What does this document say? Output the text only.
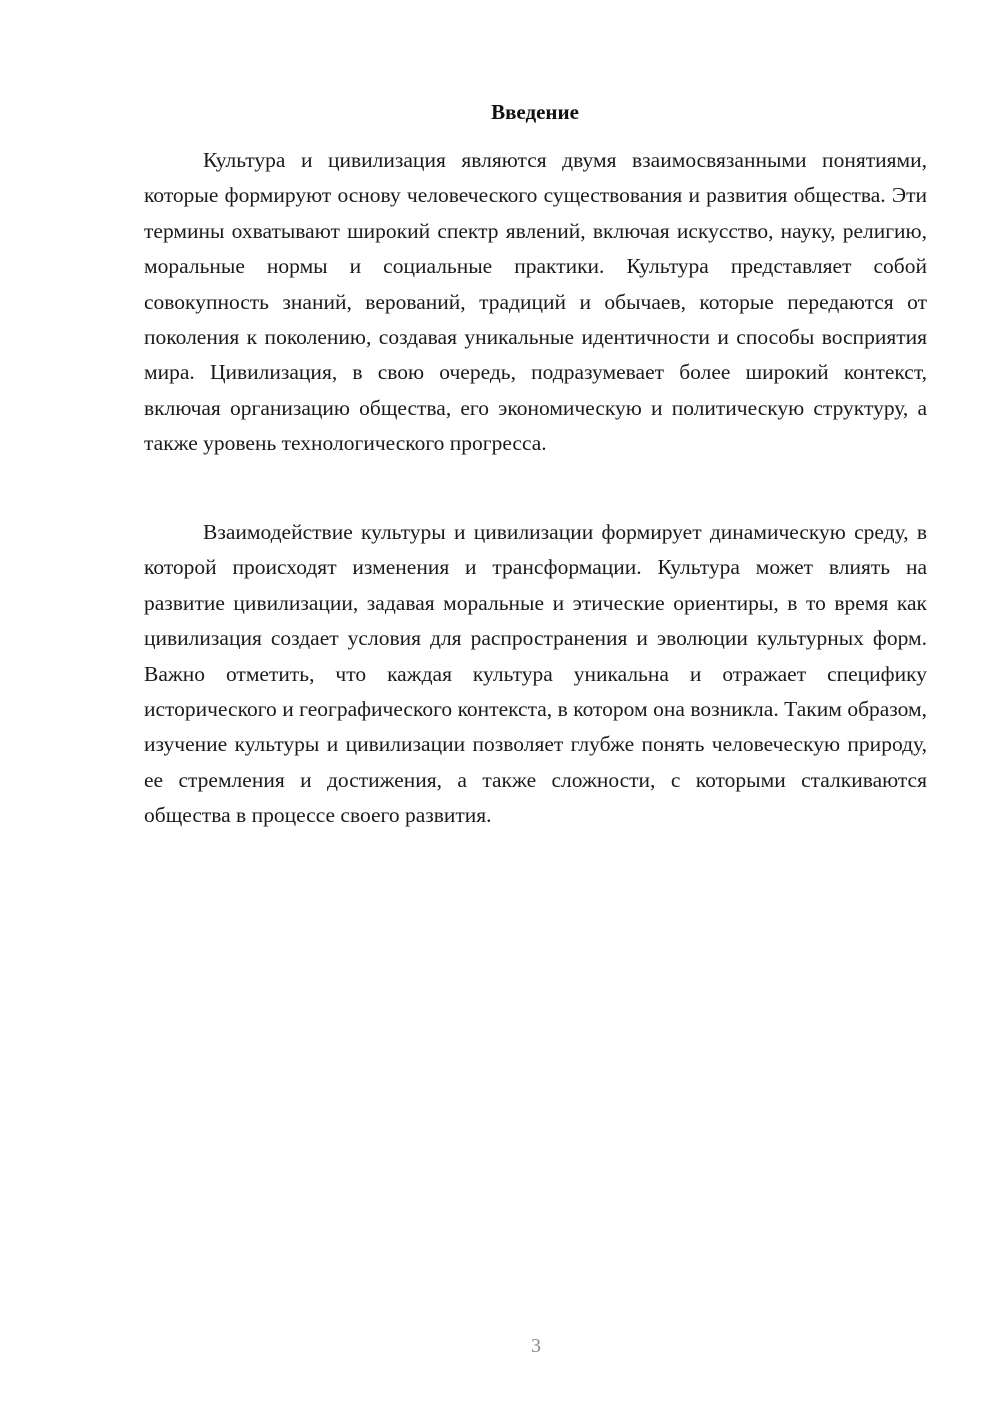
Введение

Культура и цивилизация являются двумя взаимосвязанными понятиями, которые формируют основу человеческого существования и развития общества. Эти термины охватывают широкий спектр явлений, включая искусство, науку, религию, моральные нормы и социальные практики. Культура представляет собой совокупность знаний, верований, традиций и обычаев, которые передаются от поколения к поколению, создавая уникальные идентичности и способы восприятия мира. Цивилизация, в свою очередь, подразумевает более широкий контекст, включая организацию общества, его экономическую и политическую структуру, а также уровень технологического прогресса.

Взаимодействие культуры и цивилизации формирует динамическую среду, в которой происходят изменения и трансформации. Культура может влиять на развитие цивилизации, задавая моральные и этические ориентиры, в то время как цивилизация создает условия для распространения и эволюции культурных форм. Важно отметить, что каждая культура уникальна и отражает специфику исторического и географического контекста, в котором она возникла. Таким образом, изучение культуры и цивилизации позволяет глубже понять человеческую природу, ее стремления и достижения, а также сложности, с которыми сталкиваются общества в процессе своего развития.

3
